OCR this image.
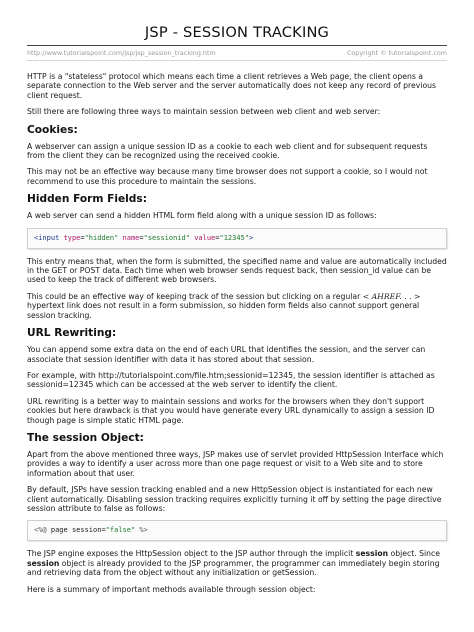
JSP - SESSION TRACKING
http://www.tutorialspoint.com/jsp/jsp_session_tracking.htm	Copyright © tutorialspoint.com

HTTP is a "stateless" protocol which means each time a client retrieves a Web page, the client opens a separate connection to the Web server and the server automatically does not keep any record of previous client request.

Still there are following three ways to maintain session between web client and web server:

Cookies:

A webserver can assign a unique session ID as a cookie to each web client and for subsequent requests from the client they can be recognized using the received cookie.

This may not be an effective way because many time browser does not support a cookie, so I would not recommend to use this procedure to maintain the sessions.

Hidden Form Fields:

A web server can send a hidden HTML form field along with a unique session ID as follows:

<input type="hidden" name="sessionid" value="12345">

This entry means that, when the form is submitted, the specified name and value are automatically included in the GET or POST data. Each time when web browser sends request back, then session_id value can be used to keep the track of different web browsers.

This could be an effective way of keeping track of the session but clicking on a regular < AHREF. . . > hypertext link does not result in a form submission, so hidden form fields also cannot support general session tracking.

URL Rewriting:

You can append some extra data on the end of each URL that identifies the session, and the server can associate that session identifier with data it has stored about that session.

For example, with http://tutorialspoint.com/file.htm;sessionid=12345, the session identifier is attached as sessionid=12345 which can be accessed at the web server to identify the client.

URL rewriting is a better way to maintain sessions and works for the browsers when they don't support cookies but here drawback is that you would have generate every URL dynamically to assign a session ID though page is simple static HTML page.

The session Object:

Apart from the above mentioned three ways, JSP makes use of servlet provided HttpSession Interface which provides a way to identify a user across more than one page request or visit to a Web site and to store information about that user.

By default, JSPs have session tracking enabled and a new HttpSession object is instantiated for each new client automatically. Disabling session tracking requires explicitly turning it off by setting the page directive session attribute to false as follows:

<%@ page session="false" %>

The JSP engine exposes the HttpSession object to the JSP author through the implicit session object. Since session object is already provided to the JSP programmer, the programmer can immediately begin storing and retrieving data from the object without any initialization or getSession.

Here is a summary of important methods available through session object:
